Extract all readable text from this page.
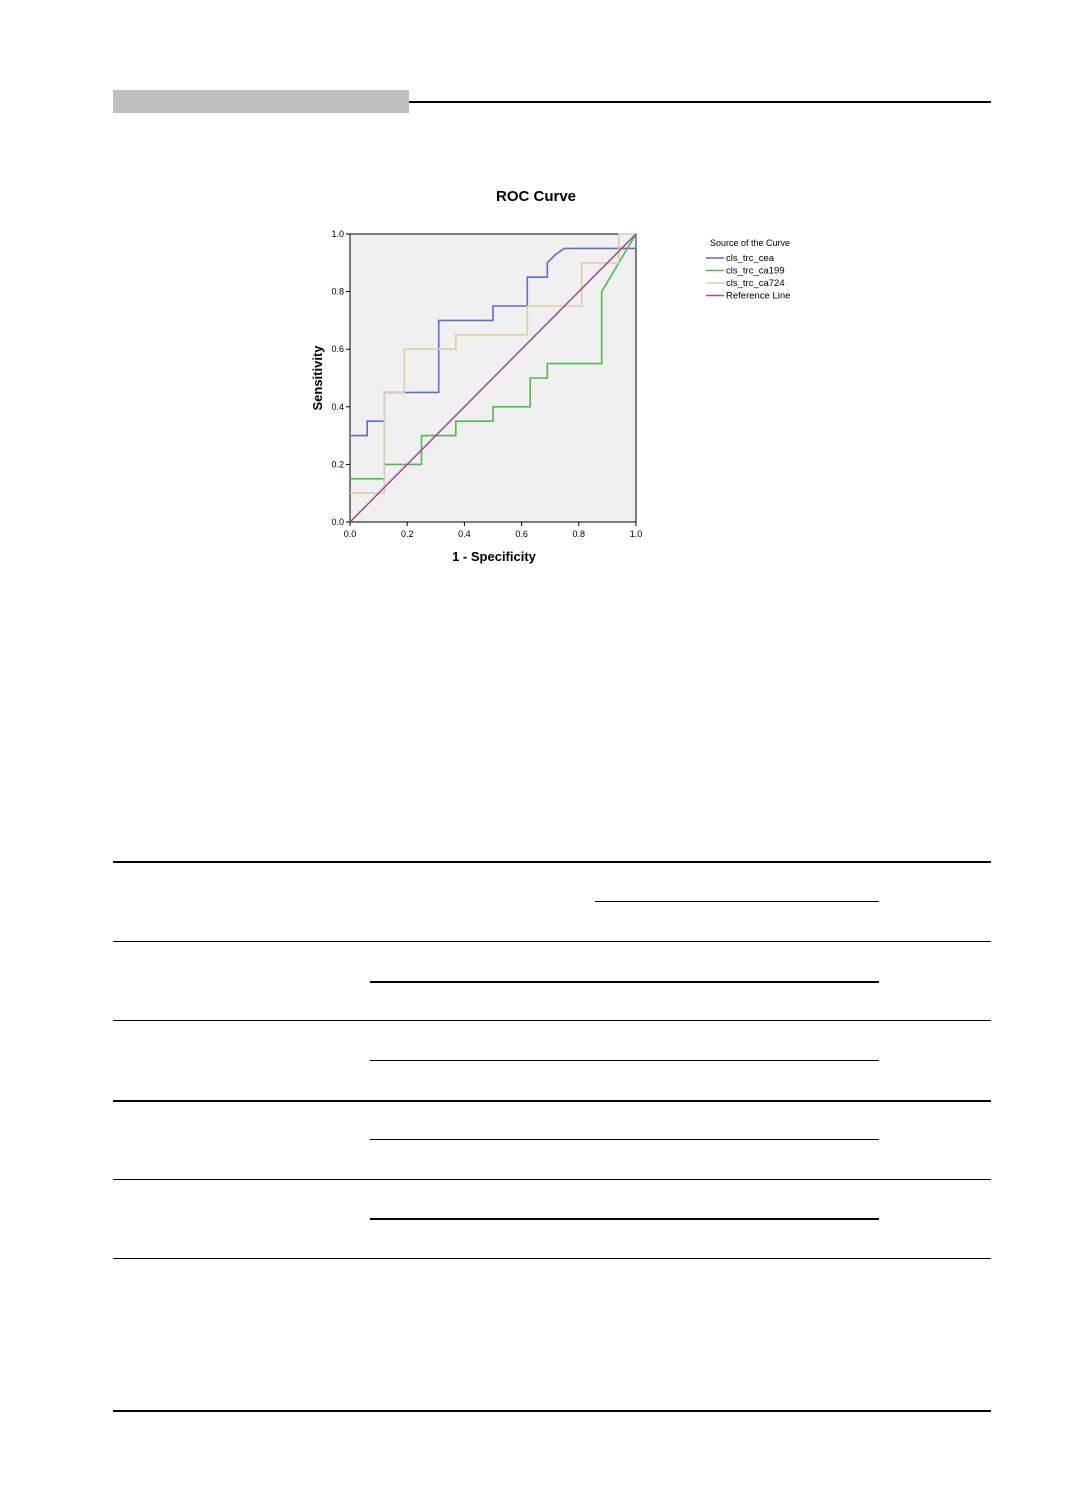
ROC Curve
0.0	0.2	0.4	0.6	0.8	1.0
0.0
0.2
0.4
0.6
0.8
1.0
1 - Specificity
Sensitivity
Source of the Curve
cls_trc_cea
cls_trc_ca199
cls_trc_ca724
Reference Line
